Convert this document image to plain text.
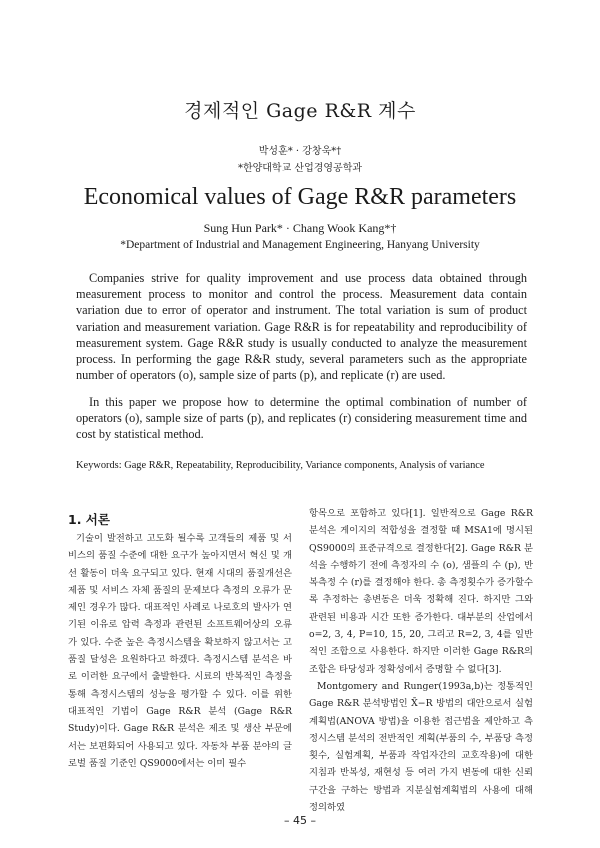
경제적인 Gage R&R 계수
박성훈* · 강창욱*†
*한양대학교 산업경영공학과
Economical values of Gage R&R parameters
Sung Hun Park* · Chang Wook Kang*†
*Department of Industrial and Management Engineering, Hanyang University
Companies strive for quality improvement and use process data obtained through measurement process to monitor and control the process. Measurement data contain variation due to error of operator and instrument. The total variation is sum of product variation and measurement variation. Gage R&R is for repeatability and reproducibility of measurement system. Gage R&R study is usually conducted to analyze the measurement process. In performing the gage R&R study, several parameters such as the appropriate number of operators (o), sample size of parts (p), and replicate (r) are used.
In this paper we propose how to determine the optimal combination of number of operators (o), sample size of parts (p), and replicates (r) considering measurement time and cost by statistical method.
Keywords: Gage R&R, Repeatability, Reproducibility, Variance components, Analysis of variance
1. 서론
기술이 발전하고 고도화 될수록 고객들의 제품 및 서비스의 품질 수준에 대한 요구가 높아지면서 혁신 및 개선 활동이 더욱 요구되고 있다. 현재 시대의 품질개선은 제품 및 서비스 자체 품질의 문제보다 측정의 오류가 문제인 경우가 많다. 대표적인 사례로 나로호의 발사가 연기된 이유로 압력 측정과 관련된 소프트웨어상의 오류가 있다. 수준 높은 측정시스템을 확보하지 않고서는 고품질 달성은 요원하다고 하겠다. 측정시스템 분석은 바로 이러한 요구에서 출발한다. 시료의 반복적인 측정을 통해 측정시스템의 성능을 평가할 수 있다. 이를 위한 대표적인 기법이 Gage R&R 분석 (Gage R&R Study)이다. Gage R&R 분석은 제조 및 생산 부문에서는 보편화되어 사용되고 있다. 자동차 부품 분야의 글로벌 품질 기준인 QS9000에서는 이미 필수

항목으로 포함하고 있다[1]. 일반적으로 Gage R&R 분석은 게이지의 적합성을 결정할 때 MSA1에 명시된 QS9000의 표준규격으로 결정한다[2]. Gage R&R 분석을 수행하기 전에 측정자의 수 (o), 샘플의 수 (p), 반복측정 수 (r)를 결정해야 한다. 총 측정횟수가 증가할수록 추정하는 총변동은 더욱 정확해 진다. 하지만 그와 관련된 비용과 시간 또한 증가한다. 대부분의 산업에서 o=2, 3, 4, P=10, 15, 20, 그리고 R=2, 3, 4를 일반적인 조합으로 사용한다. 하지만 이러한 Gage R&R의 조합은 타당성과 정확성에서 증명할 수 없다[3].

Montgomery and Runger(1993a,b)는 정통적인 Gage R&R 분석방법인 X̄−R 방법의 대안으로서 실험계획법(ANOVA 방법)을 이용한 접근법을 제안하고 측정시스템 분석의 전반적인 계획(부품의 수, 부품당 측정횟수, 실험계획, 부품과 작업자간의 교호작용)에 대한 지침과 반복성, 재현성 등 여러 가지 변동에 대한 신뢰구간을 구하는 방법과 지분실험계획법의 사용에 대해 정의하였

– 45 –
